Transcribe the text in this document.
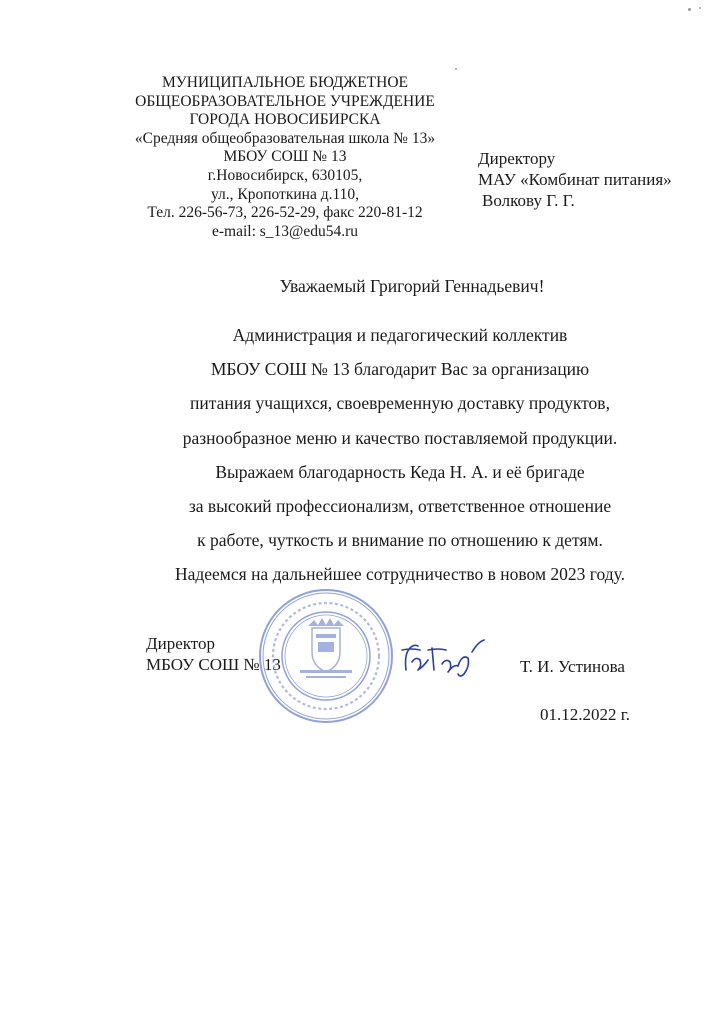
МУНИЦИПАЛЬНОЕ БЮДЖЕТНОЕ
ОБЩЕОБРАЗОВАТЕЛЬНОЕ УЧРЕЖДЕНИЕ
ГОРОДА НОВОСИБИРСКА
«Средняя общеобразовательная школа № 13»
МБОУ СОШ № 13
г.Новосибирск, 630105,
ул., Кропоткина д.110,
Тел. 226-56-73, 226-52-29, факс 220-81-12
e-mail: s_13@edu54.ru
Директору
МАУ «Комбинат питания»
Волкову Г. Г.
Уважаемый Григорий Геннадьевич!
Администрация и педагогический коллектив
МБОУ СОШ № 13 благодарит Вас за организацию
питания учащихся, своевременную доставку продуктов,
разнообразное меню и качество поставляемой продукции.
Выражаем благодарность Кеда Н. А. и её бригаде
за высокий профессионализм, ответственное отношение
к работе, чуткость и внимание по отношению к детям.
Надеемся на дальнейшее сотрудничество в новом 2023 году.
Директор
МБОУ СОШ № 13	Т. И. Устинова
01.12.2022 г.
